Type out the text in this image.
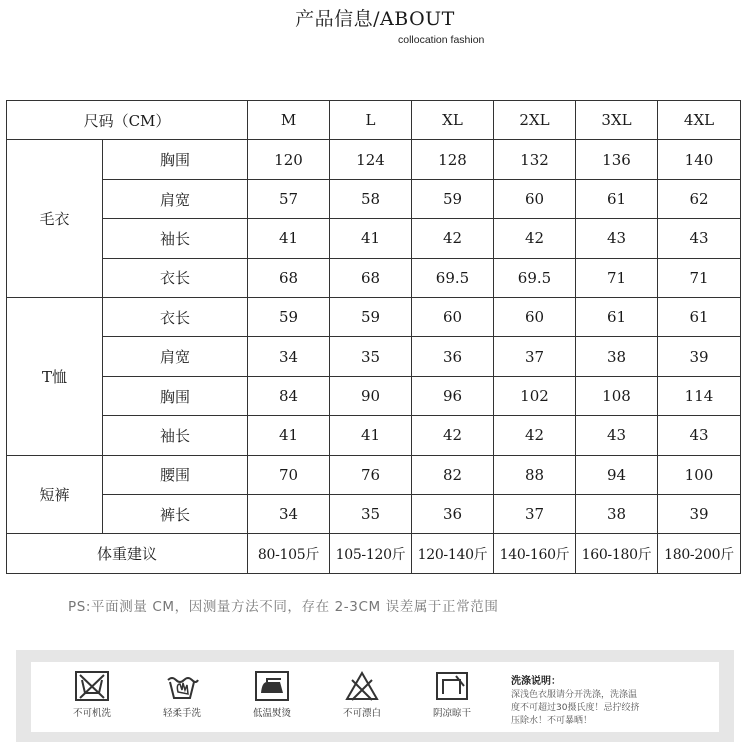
产品信息/ABOUT
collocation fashion
尺码（CM）		M	L	XL	2XL	3XL	4XL
毛衣	胸围	120	124	128	132	136	140
	肩宽	57	58	59	60	61	62
	袖长	41	41	42	42	43	43
	衣长	68	68	69.5	69.5	71	71
T恤	衣长	59	59	60	60	61	61
	肩宽	34	35	36	37	38	39
	胸围	84	90	96	102	108	114
	袖长	41	41	42	42	43	43
短裤	腰围	70	76	82	88	94	100
	裤长	34	35	36	37	38	39
体重建议		80-105斤	105-120斤	120-140斤	140-160斤	160-180斤	180-200斤
PS:平面测量 CM，因测量方法不同，存在 2-3CM 误差属于正常范围
不可机洗	轻柔手洗	低温熨烫	不可漂白	阴凉晾干
洗涤说明：
深浅色衣服请分开洗涤，洗涤温
度不可超过30摄氏度！忌拧绞挤
压除水！不可暴晒！
